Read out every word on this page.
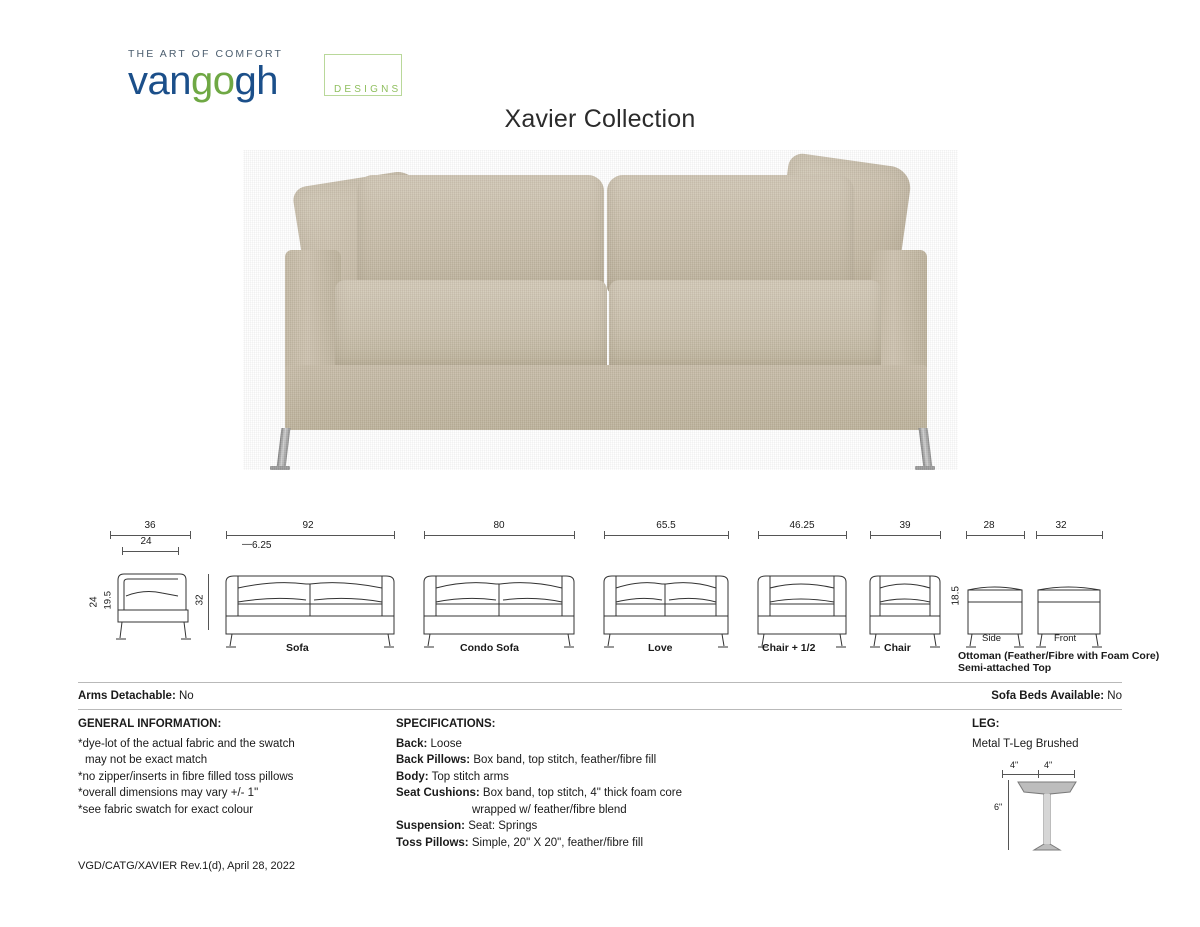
THE ART OF COMFORT
vangogh	DESIGNS
Xavier Collection
36
24
32
24 19.5
92
—6.25
Sofa
80
Condo Sofa
65.5
Love
46.25
Chair + 1/2
39
Chair
28	32
18.5
Side	Front
Ottoman (Feather/Fibre with Foam Core)
Semi-attached Top
Arms Detachable: No	Sofa Beds Available: No
GENERAL INFORMATION:
*dye-lot of the actual fabric and the swatch
may not be exact match
*no zipper/inserts in fibre filled toss pillows
*overall dimensions may vary +/- 1"
*see fabric swatch for exact colour
SPECIFICATIONS:
Back: Loose
Back Pillows: Box band, top stitch, feather/fibre fill
Body: Top stitch arms
Seat Cushions: Box band, top stitch, 4" thick foam core
wrapped w/ feather/fibre blend
Suspension: Seat: Springs
Toss Pillows: Simple, 20" X 20", feather/fibre fill
LEG:
Metal T-Leg Brushed
4"	4"
6"
VGD/CATG/XAVIER Rev.1(d), April 28, 2022
